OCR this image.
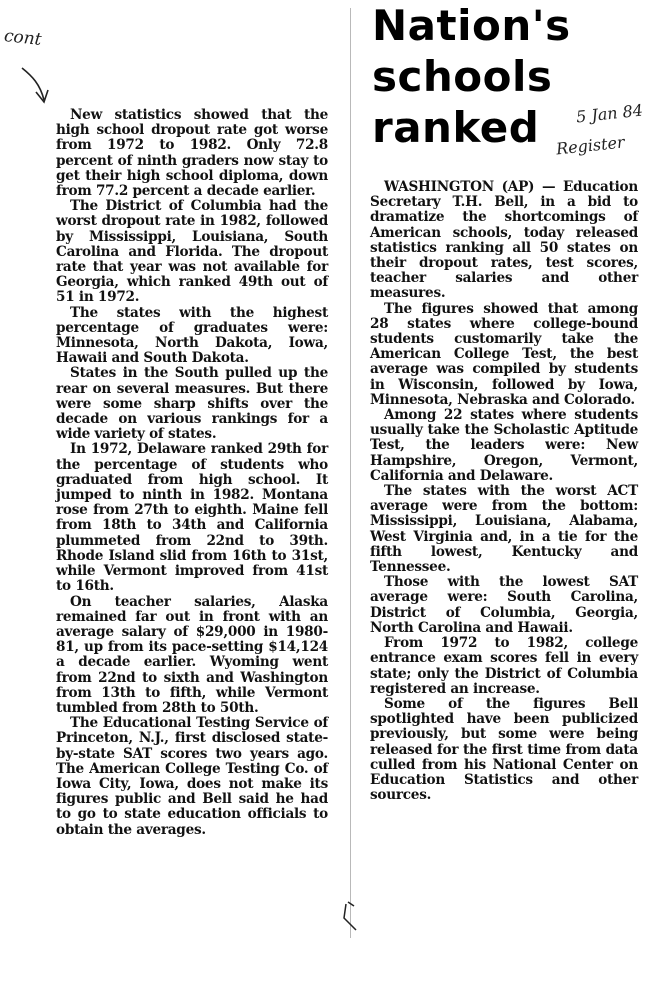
cont	Nation's
schools
ranked	5 Jan 84
Register

New statistics showed that the high school dropout rate got worse from 1972 to 1982. Only 72.8 percent of ninth graders now stay to get their high school diploma, down from 77.2 percent a decade earlier.

The District of Columbia had the worst dropout rate in 1982, followed by Mississippi, Louisiana, South Carolina and Florida. The dropout rate that year was not available for Georgia, which ranked 49th out of 51 in 1972.

The states with the highest percentage of graduates were: Minnesota, North Dakota, Iowa, Hawaii and South Dakota.

States in the South pulled up the rear on several measures. But there were some sharp shifts over the decade on various rankings for a wide variety of states.

In 1972, Delaware ranked 29th for the percentage of students who graduated from high school. It jumped to ninth in 1982. Montana rose from 27th to eighth. Maine fell from 18th to 34th and California plummeted from 22nd to 39th. Rhode Island slid from 16th to 31st, while Vermont improved from 41st to 16th.

On teacher salaries, Alaska remained far out in front with an average salary of $29,000 in 1980-81, up from its pace-setting $14,124 a decade earlier. Wyoming went from 22nd to sixth and Washington from 13th to fifth, while Vermont tumbled from 28th to 50th.

The Educational Testing Service of Princeton, N.J., first disclosed state-by-state SAT scores two years ago. The American College Testing Co. of Iowa City, Iowa, does not make its figures public and Bell said he had to go to state education officials to obtain the averages.

WASHINGTON (AP) — Education Secretary T.H. Bell, in a bid to dramatize the shortcomings of American schools, today released statistics ranking all 50 states on their dropout rates, test scores, teacher salaries and other measures.

The figures showed that among 28 states where college-bound students customarily take the American College Test, the best average was compiled by students in Wisconsin, followed by Iowa, Minnesota, Nebraska and Colorado.

Among 22 states where students usually take the Scholastic Aptitude Test, the leaders were: New Hampshire, Oregon, Vermont, California and Delaware.

The states with the worst ACT average were from the bottom: Mississippi, Louisiana, Alabama, West Virginia and, in a tie for the fifth lowest, Kentucky and Tennessee.

Those with the lowest SAT average were: South Carolina, District of Columbia, Georgia, North Carolina and Hawaii.

From 1972 to 1982, college entrance exam scores fell in every state; only the District of Columbia registered an increase.

Some of the figures Bell spotlighted have been publicized previously, but some were being released for the first time from data culled from his National Center on Education Statistics and other sources.
